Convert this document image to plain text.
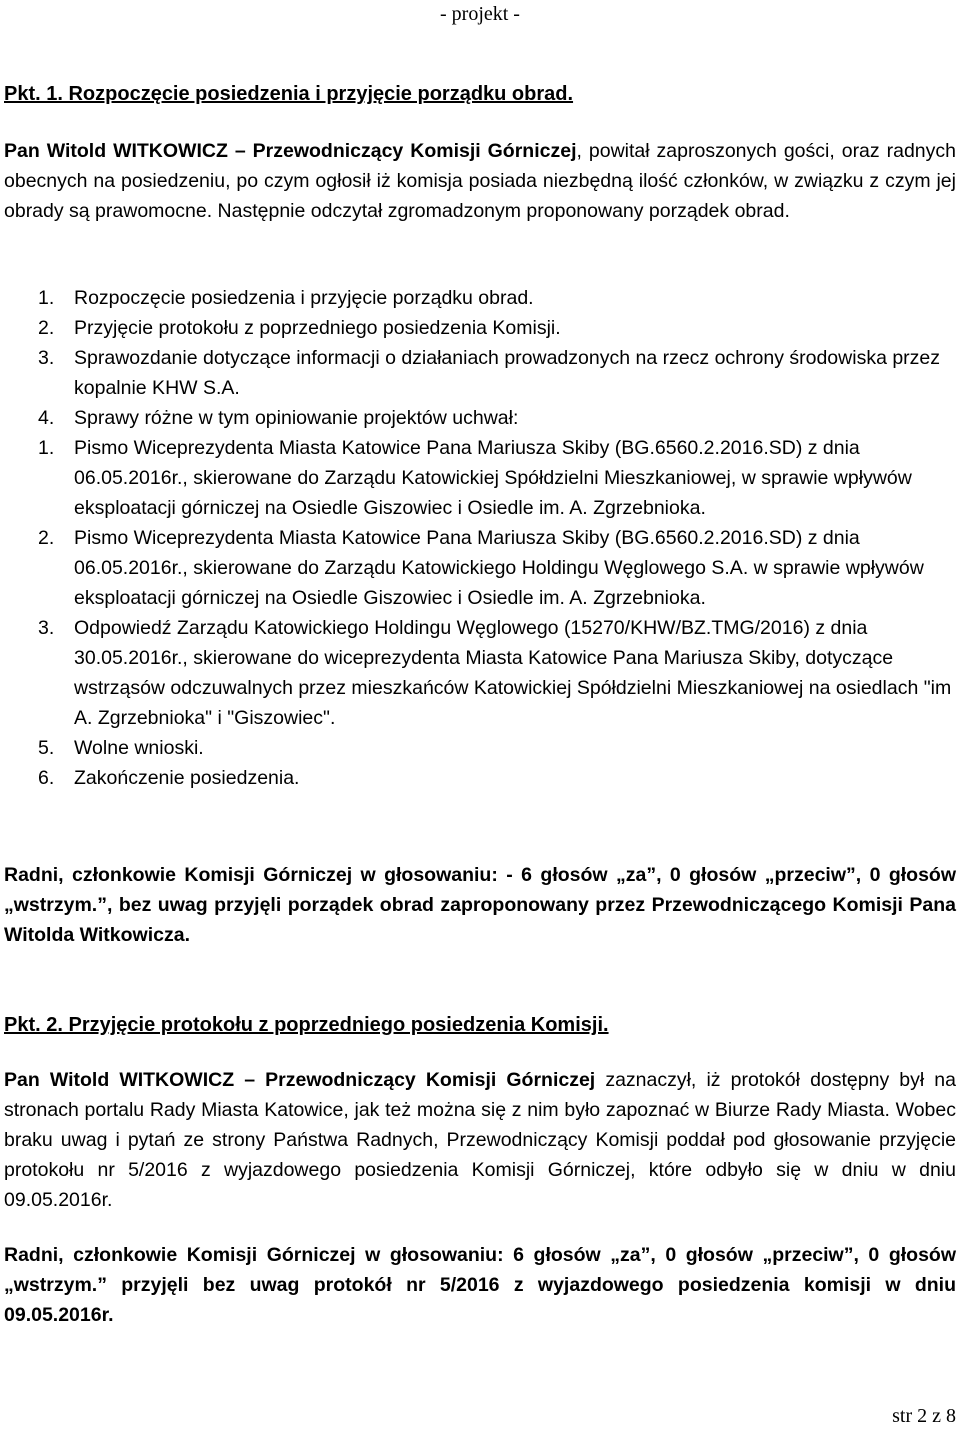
- projekt -
Pkt. 1. Rozpoczęcie posiedzenia i przyjęcie porządku obrad.

Pan Witold WITKOWICZ – Przewodniczący Komisji Górniczej, powitał zaproszonych gości, oraz radnych obecnych na posiedzeniu, po czym ogłosił iż komisja posiada niezbędną ilość członków, w związku z czym jej obrady są prawomocne. Następnie odczytał zgromadzonym proponowany porządek obrad.

1.	Rozpoczęcie posiedzenia i przyjęcie porządku obrad.
2.	Przyjęcie protokołu z poprzedniego posiedzenia Komisji.
3.	Sprawozdanie dotyczące informacji o działaniach prowadzonych na rzecz ochrony środowiska przez kopalnie KHW S.A.
4.	Sprawy różne w tym opiniowanie projektów uchwał:
1.	Pismo Wiceprezydenta Miasta Katowice Pana Mariusza Skiby (BG.6560.2.2016.SD) z dnia 06.05.2016r., skierowane do Zarządu Katowickiej Spółdzielni Mieszkaniowej, w sprawie wpływów eksploatacji górniczej na Osiedle Giszowiec i Osiedle im. A. Zgrzebnioka.
2.	Pismo Wiceprezydenta Miasta Katowice Pana Mariusza Skiby (BG.6560.2.2016.SD) z dnia 06.05.2016r., skierowane do Zarządu Katowickiego Holdingu Węglowego S.A. w sprawie wpływów eksploatacji górniczej na Osiedle Giszowiec i Osiedle im. A. Zgrzebnioka.
3.	Odpowiedź Zarządu Katowickiego Holdingu Węglowego (15270/KHW/BZ.TMG/2016) z dnia 30.05.2016r., skierowane do wiceprezydenta Miasta Katowice Pana Mariusza Skiby, dotyczące wstrząsów odczuwalnych przez mieszkańców Katowickiej Spółdzielni Mieszkaniowej na osiedlach "im A. Zgrzebnioka" i "Giszowiec".
5.	Wolne wnioski.
6.	Zakończenie posiedzenia.

Radni, członkowie Komisji Górniczej w głosowaniu: - 6 głosów „za”, 0 głosów „przeciw”, 0 głosów „wstrzym.”, bez uwag przyjęli porządek obrad zaproponowany przez Przewodniczącego Komisji Pana Witolda Witkowicza.

Pkt. 2. Przyjęcie protokołu z poprzedniego posiedzenia Komisji.

Pan Witold WITKOWICZ – Przewodniczący Komisji Górniczej zaznaczył, iż protokół dostępny był na stronach portalu Rady Miasta Katowice, jak też można się z nim było zapoznać w Biurze Rady Miasta. Wobec braku uwag i pytań ze strony Państwa Radnych, Przewodniczący Komisji poddał pod głosowanie przyjęcie protokołu nr 5/2016 z wyjazdowego posiedzenia Komisji Górniczej, które odbyło się w dniu w dniu 09.05.2016r.

Radni, członkowie Komisji Górniczej w głosowaniu: 6 głosów „za”, 0 głosów „przeciw”, 0 głosów „wstrzym.” przyjęli bez uwag protokół nr 5/2016 z wyjazdowego posiedzenia komisji w dniu 09.05.2016r.

str 2 z 8
